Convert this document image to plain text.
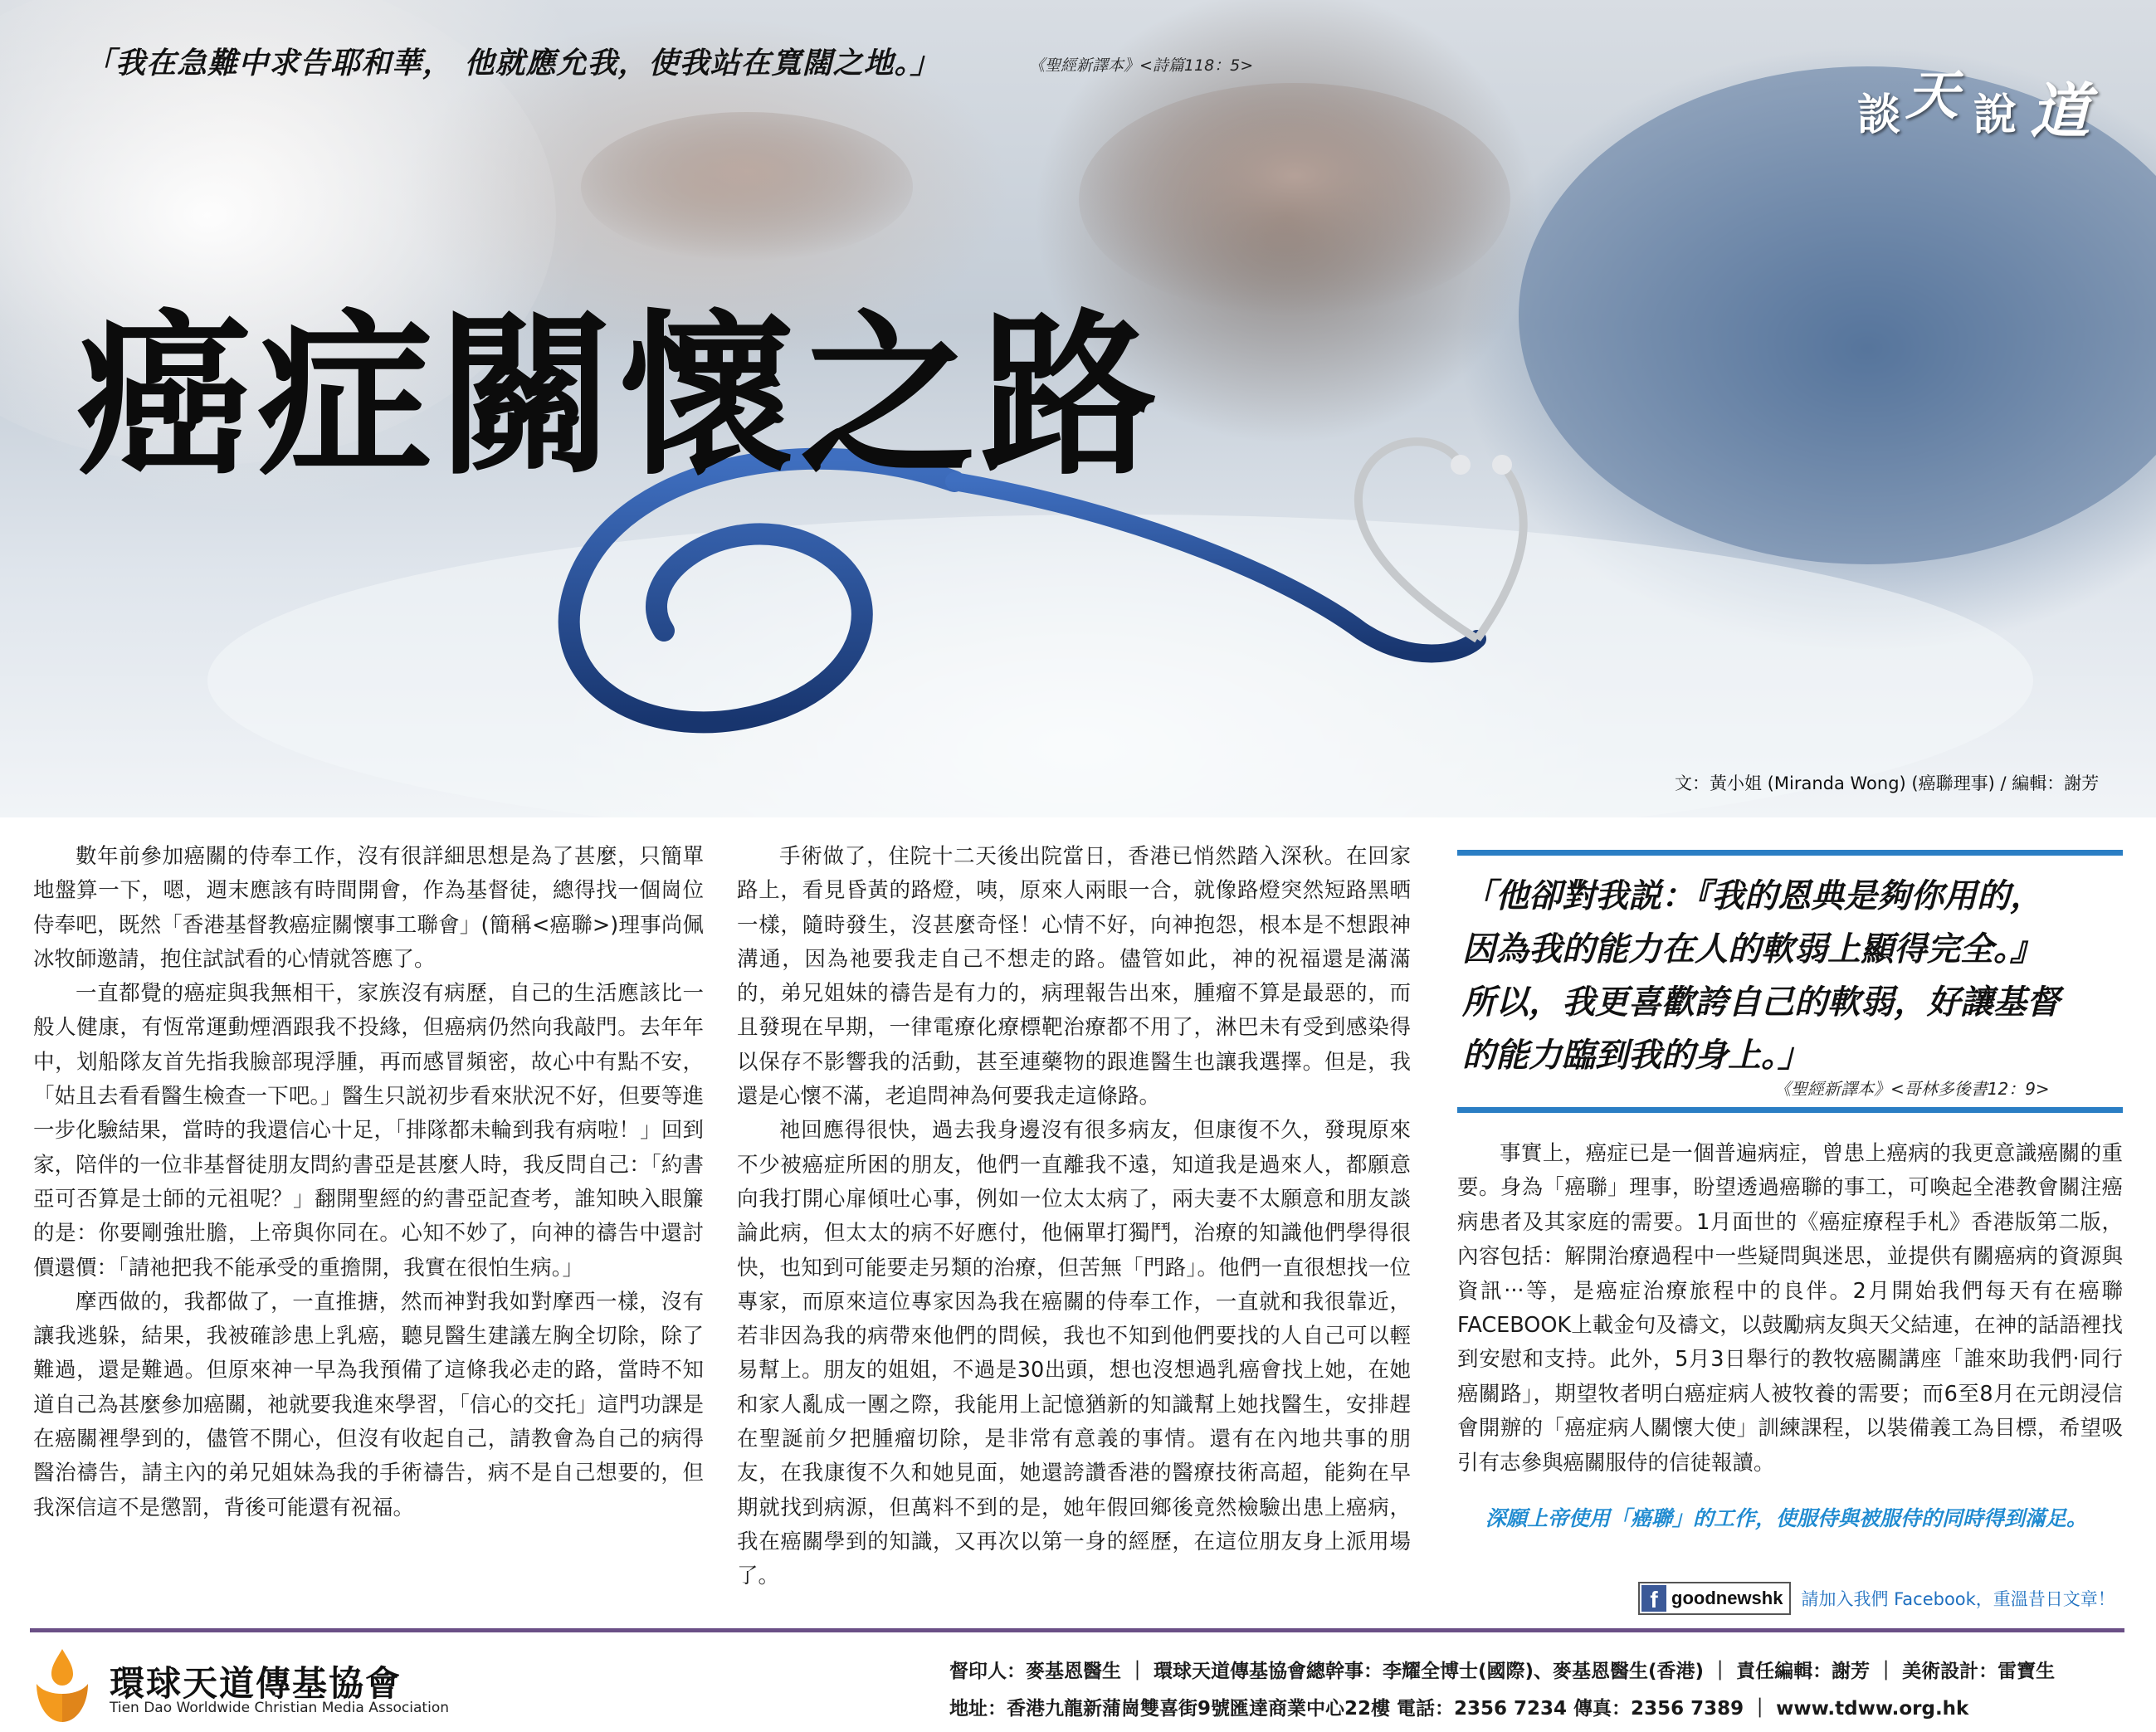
「我在急難中求告耶和華， 他就應允我，使我站在寬闊之地。」	《聖經新譯本》<詩篇118：5>
談 天 說 道
癌症關懷之路
文：黃小姐 (Miranda Wong) (癌聯理事) / 編輯：謝芳

數年前參加癌關的侍奉工作，沒有很詳細思想是為了甚麼，只簡單地盤算一下，嗯，週末應該有時間開會，作為基督徒，總得找一個崗位侍奉吧，既然「香港基督教癌症關懷事工聯會」(簡稱<癌聯>)理事尚佩冰牧師邀請，抱住試試看的心情就答應了。

一直都覺的癌症與我無相干，家族沒有病歷，自己的生活應該比一般人健康，有恆常運動煙酒跟我不投緣，但癌病仍然向我敲門。去年年中，划船隊友首先指我臉部現浮腫，再而感冒頻密，故心中有點不安，「姑且去看看醫生檢查一下吧。」醫生只説初步看來狀況不好，但要等進一步化驗結果，當時的我還信心十足，「排隊都未輪到我有病啦！」回到家，陪伴的一位非基督徒朋友問約書亞是甚麼人時，我反問自己：「約書亞可否算是士師的元祖呢？」翻開聖經的約書亞記查考，誰知映入眼簾的是：你要剛強壯膽，上帝與你同在。心知不妙了，向神的禱告中還討價還價：「請祂把我不能承受的重擔開，我實在很怕生病。」

摩西做的，我都做了，一直推搪，然而神對我如對摩西一樣，沒有讓我逃躲，結果，我被確診患上乳癌，聽見醫生建議左胸全切除，除了難過，還是難過。但原來神一早為我預備了這條我必走的路，當時不知道自己為甚麼參加癌關，祂就要我進來學習，「信心的交托」這門功課是在癌關裡學到的，儘管不開心，但沒有收起自己，請教會為自己的病得醫治禱告，請主內的弟兄姐妹為我的手術禱告，病不是自己想要的，但我深信這不是懲罰，背後可能還有祝福。

手術做了，住院十二天後出院當日，香港已悄然踏入深秋。在回家路上，看見昏黃的路燈，咦，原來人兩眼一合，就像路燈突然短路黑晒一樣，隨時發生，沒甚麼奇怪！心情不好，向神抱怨，根本是不想跟神溝通，因為祂要我走自己不想走的路。儘管如此，神的祝福還是滿滿的，弟兄姐妹的禱告是有力的，病理報告出來，腫瘤不算是最惡的，而且發現在早期，一律電療化療標靶治療都不用了，淋巴未有受到感染得以保存不影響我的活動，甚至連藥物的跟進醫生也讓我選擇。但是，我還是心懷不滿，老追問神為何要我走這條路。

祂回應得很快，過去我身邊沒有很多病友，但康復不久，發現原來不少被癌症所困的朋友，他們一直離我不遠，知道我是過來人，都願意向我打開心扉傾吐心事，例如一位太太病了，兩夫妻不太願意和朋友談論此病，但太太的病不好應付，他倆單打獨鬥，治療的知識他們學得很快，也知到可能要走另類的治療，但苦無「門路」。他們一直很想找一位專家，而原來這位專家因為我在癌關的侍奉工作，一直就和我很靠近，若非因為我的病帶來他們的問候，我也不知到他們要找的人自己可以輕易幫上。朋友的姐姐，不過是30出頭，想也沒想過乳癌會找上她，在她和家人亂成一團之際，我能用上記憶猶新的知識幫上她找醫生，安排趕在聖誕前夕把腫瘤切除，是非常有意義的事情。還有在內地共事的朋友，在我康復不久和她見面，她還誇讚香港的醫療技術高超，能夠在早期就找到病源，但萬料不到的是，她年假回鄉後竟然檢驗出患上癌病，我在癌關學到的知識，又再次以第一身的經歷，在這位朋友身上派用場了。

「他卻對我説：『我的恩典是夠你用的，

因為我的能力在人的軟弱上顯得完全。』

所以，我更喜歡誇自己的軟弱，好讓基督

的能力臨到我的身上。」

《聖經新譯本》<哥林多後書12：9>

事實上，癌症已是一個普遍病症，曾患上癌病的我更意識癌關的重要。身為「癌聯」理事，盼望透過癌聯的事工，可喚起全港教會關注癌病患者及其家庭的需要。1月面世的《癌症療程手札》香港版第二版，內容包括：解開治療過程中一些疑問與迷思，並提供有關癌病的資源與資訊‧‧‧等，是癌症治療旅程中的良伴。2月開始我們每天有在癌聯FACEBOOK上載金句及禱文，以鼓勵病友與天父結連，在神的話語裡找到安慰和支持。此外，5月3日舉行的教牧癌關講座「誰來助我們‧同行癌關路」，期望牧者明白癌症病人被牧養的需要；而6至8月在元朗浸信會開辦的「癌症病人關懷大使」訓練課程，以裝備義工為目標，希望吸引有志參與癌關服侍的信徒報讀。

深願上帝使用「癌聯」的工作，使服侍與被服侍的同時得到滿足。
f goodnewshk 請加入我們 Facebook，重溫昔日文章！
環球天道傳基協會
Tien Dao Worldwide Christian Media Association
督印人：麥基恩醫生 ｜ 環球天道傳基協會總幹事：李耀全博士(國際)、麥基恩醫生(香港) ｜ 責任編輯：謝芳 ｜ 美術設計：雷寶生
地址：香港九龍新蒲崗雙喜街9號匯達商業中心22樓 電話：2356 7234 傳真：2356 7389 ｜ www.tdww.org.hk
